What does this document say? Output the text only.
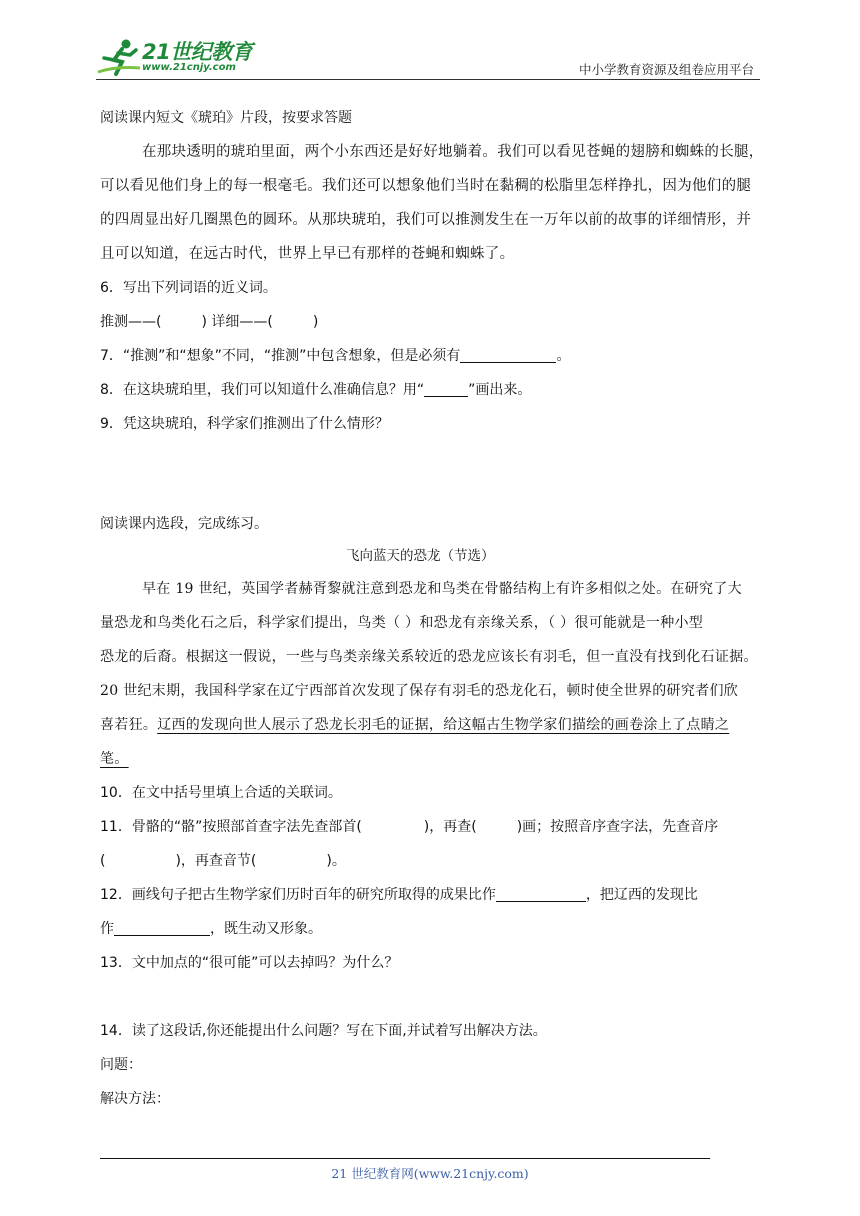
21世纪教育
www.21cnjy.com	中小学教育资源及组卷应用平台
阅读课内短文《琥珀》片段，按要求答题
在那块透明的琥珀里面，两个小东西还是好好地躺着。我们可以看见苍蝇的翅膀和蜘蛛的长腿，
可以看见他们身上的每一根毫毛。我们还可以想象他们当时在黏稠的松脂里怎样挣扎，因为他们的腿
的四周显出好几圈黑色的圆环。从那块琥珀，我们可以推测发生在一万年以前的故事的详细情形，并
且可以知道，在远古时代，世界上早已有那样的苍蝇和蜘蛛了。
6．写出下列词语的近义词。
推测——(	) 详细——(	)
7．“推测”和“想象”不同，“推测”中包含想象，但是必须有	。
8．在这块琥珀里，我们可以知道什么准确信息？用“	”画出来。
9．凭这块琥珀，科学家们推测出了什么情形？
阅读课内选段，完成练习。
飞向蓝天的恐龙（节选）
早在 19 世纪，英国学者赫胥黎就注意到恐龙和鸟类在骨骼结构上有许多相似之处。在研究了大
量恐龙和鸟类化石之后，科学家们提出，鸟类（ ）和恐龙有亲缘关系，（ ）很可能就是一种小型
恐龙的后裔。根据这一假说，一些与鸟类亲缘关系较近的恐龙应该长有羽毛，但一直没有找到化石证据。
20 世纪末期，我国科学家在辽宁西部首次发现了保存有羽毛的恐龙化石，顿时使全世界的研究者们欣
喜若狂。辽西的发现向世人展示了恐龙长羽毛的证据，给这幅古生物学家们描绘的画卷涂上了点睛之
笔。
10．在文中括号里填上合适的关联词。
11．骨骼的“骼”按照部首查字法先查部首(	)，再查(	)画；按照音序查字法，先查音序
(	)，再查音节(	)。
12．画线句子把古生物学家们历时百年的研究所取得的成果比作	，把辽西的发现比
作	，既生动又形象。
13．文中加点的“很可能”可以去掉吗？为什么？
14．读了这段话,你还能提出什么问题？写在下面,并试着写出解决方法。
问题：
解决方法：
21 世纪教育网(www.21cnjy.com)
